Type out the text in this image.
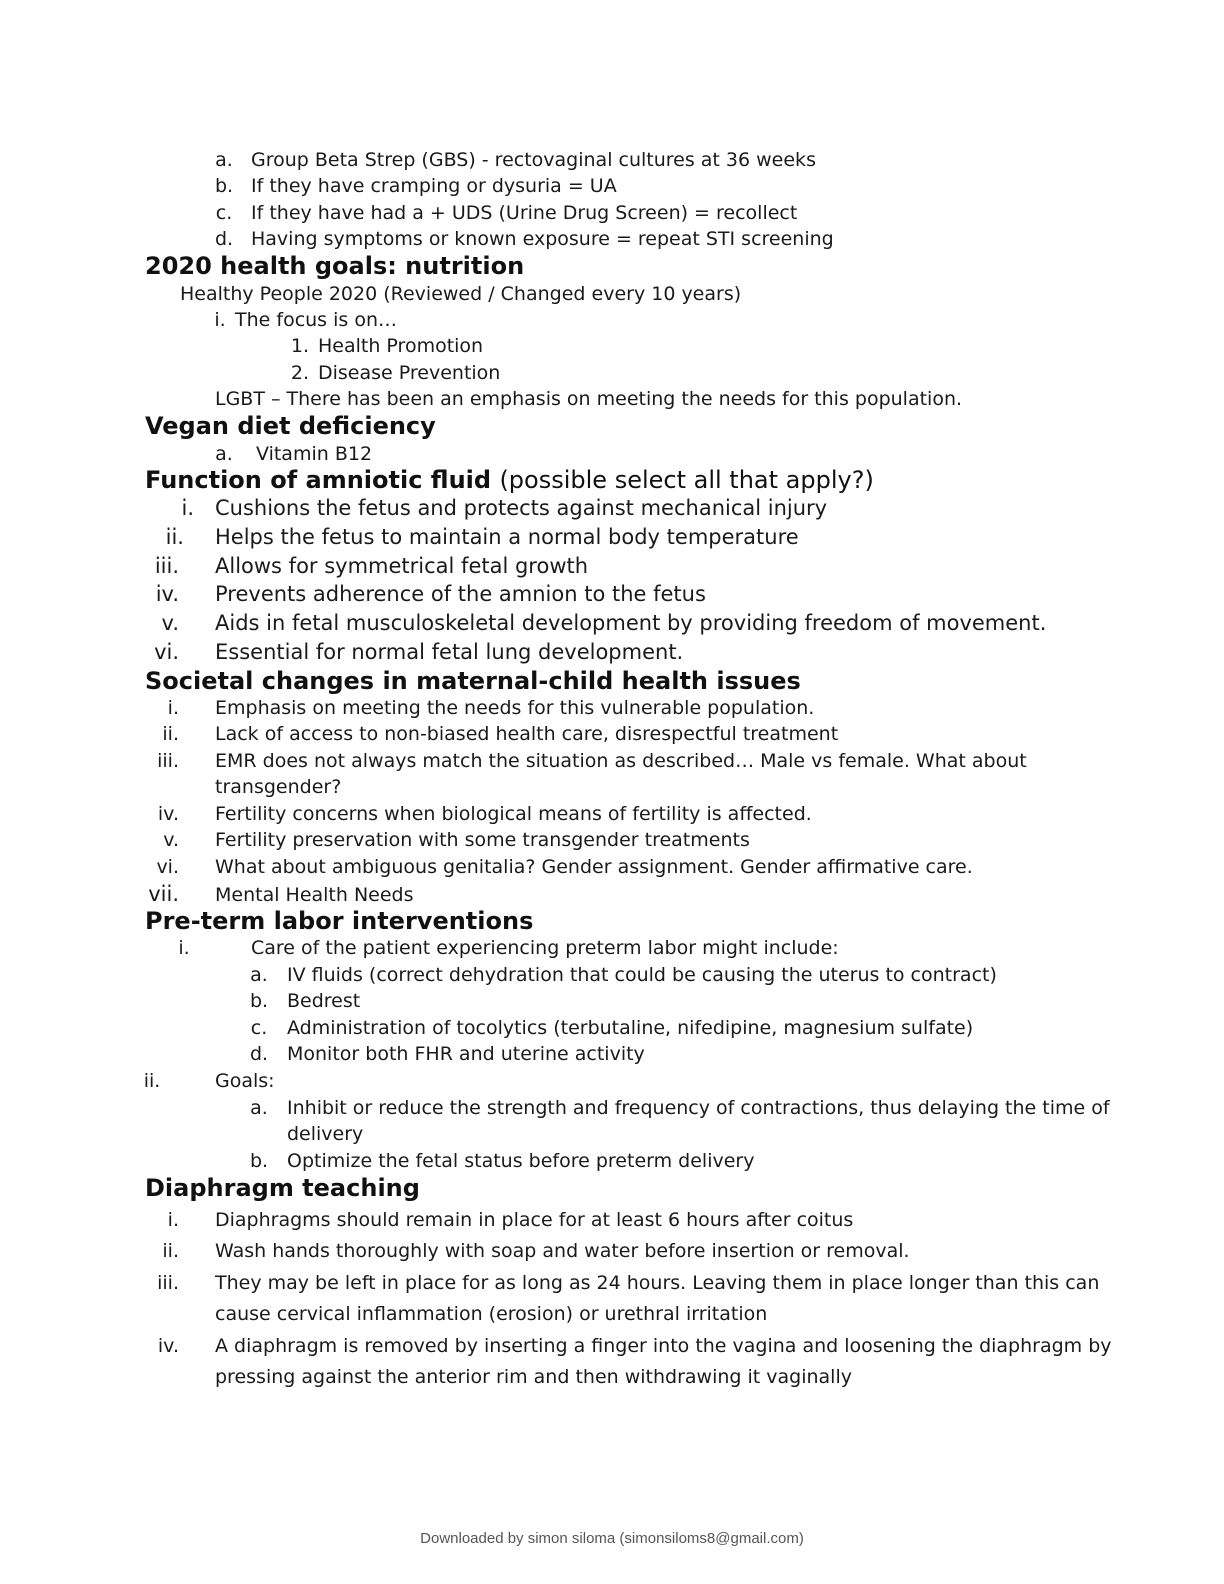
a. Group Beta Strep (GBS) - rectovaginal cultures at 36 weeks
b. If they have cramping or dysuria = UA
c. If they have had a + UDS (Urine Drug Screen) = recollect
d. Having symptoms or known exposure = repeat STI screening
2020 health goals: nutrition
Healthy People 2020 (Reviewed / Changed every 10 years)
i. The focus is on…
1. Health Promotion
2. Disease Prevention
LGBT – There has been an emphasis on meeting the needs for this population.
Vegan diet deficiency
a. Vitamin B12
Function of amniotic fluid (possible select all that apply?)
i. Cushions the fetus and protects against mechanical injury
ii. Helps the fetus to maintain a normal body temperature
iii. Allows for symmetrical fetal growth
iv. Prevents adherence of the amnion to the fetus
v. Aids in fetal musculoskeletal development by providing freedom of movement.
vi. Essential for normal fetal lung development.
Societal changes in maternal-child health issues
i. Emphasis on meeting the needs for this vulnerable population.
ii. Lack of access to non-biased health care, disrespectful treatment
iii. EMR does not always match the situation as described… Male vs female. What about
transgender?
iv. Fertility concerns when biological means of fertility is affected.
v. Fertility preservation with some transgender treatments
vi. What about ambiguous genitalia? Gender assignment. Gender affirmative care.
vii. Mental Health Needs
Pre-term labor interventions
i.	Care of the patient experiencing preterm labor might include:
a. IV fluids (correct dehydration that could be causing the uterus to contract)
b. Bedrest
c. Administration of tocolytics (terbutaline, nifedipine, magnesium sulfate)
d. Monitor both FHR and uterine activity
ii.	Goals:
a. Inhibit or reduce the strength and frequency of contractions, thus delaying the time of
delivery
b. Optimize the fetal status before preterm delivery
Diaphragm teaching
i. Diaphragms should remain in place for at least 6 hours after coitus
ii. Wash hands thoroughly with soap and water before insertion or removal.
iii. They may be left in place for as long as 24 hours. Leaving them in place longer than this can
cause cervical inflammation (erosion) or urethral irritation
iv. A diaphragm is removed by inserting a finger into the vagina and loosening the diaphragm by
pressing against the anterior rim and then withdrawing it vaginally
Downloaded by simon siloma (simonsiloms8@gmail.com)
